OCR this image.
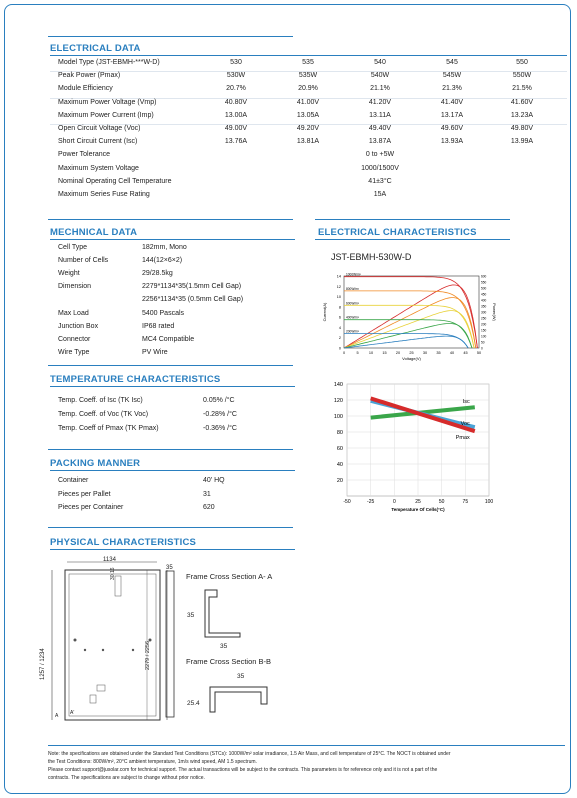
ELECTRICAL DATA
Model Type (JST-EBMH-***W-D)	530	535	540	545	550
Peak Power (Pmax)	530W	535W	540W	545W	550W
Module Efficiency	20.7%	20.9%	21.1%	21.3%	21.5%
Maximum Power Voltage (Vmp)	40.80V	41.00V	41.20V	41.40V	41.60V
Maximum Power Current (Imp)	13.00A	13.05A	13.11A	13.17A	13.23A
Open Circuit Voltage (Voc)	49.00V	49.20V	49.40V	49.60V	49.80V
Short Circuit Current (Isc)	13.76A	13.81A	13.87A	13.93A	13.99A
Power Tolerance	0 to +5W
Maximum System Voltage	1000/1500V
Nominal Operating Cell Temperature	41±3°C
Maximum Series Fuse Rating	15A
MECHNICAL DATA
Cell Type	182mm, Mono
Number of Cells	144(12×6×2)
Weight	29/28.5kg
Dimension	2279*1134*35(1.5mm Cell Gap)
2256*1134*35 (0.5mm Cell Gap)
Max Load	5400 Pascals
Junction Box	IP68 rated
Connector	MC4 Compatible
Wire Type	PV Wire
ELECTRICAL CHARACTERISTICS
JST-EBMH-530W-D
0	5	10 15 20 25 30 35 40 45 50
0
2
4
6
8
10
12
14
0
50
100
150
200
250
300
350
400
450
500
550
600
Voltage(V)
Current(A)	Power(W)
1000W/m²
800W/m²
600W/m²
400W/m²
200W/m²
20
40
60
80
100
120
140
-50	-25	0	25	50	75	100
Temperature Of Cells(°C)
Isc
Voc
Pmax
TEMPERATURE CHARACTERISTICS
Temp. Coeff. of Isc (TK Isc)	0.05% /°C
Temp. Coeff. of Voc (TK Voc)	-0.28% /°C
Temp. Coeff of Pmax (TK Pmax)	-0.36% /°C
PACKING MANNER
Container	40' HQ
Pieces per Pallet	31
Pieces per Container	620
PHYSICAL CHARACTERISTICS
1134
35
30.16
1257 / 1234	2279 / 2256
A A'
Frame Cross Section A- A
35
35
Frame Cross Section B-B
35
25.4
Note: the specifications are obtained under the Standard Test Conditions (STCs): 1000W/m² solar irradiance, 1.5 Air Mass, and cell temperature of 25°C. The NOCT is obtained under
the Test Conditions: 800W/m², 20°C ambient temperature, 1m/s wind speed, AM 1.5 spectrum.
Please contact support@jusolar.com for technical support. The actual transactions will be subject to the contracts. This parameters is for reference only and it is not a part of the
contracts. The specifications are subject to change without prior notice.
